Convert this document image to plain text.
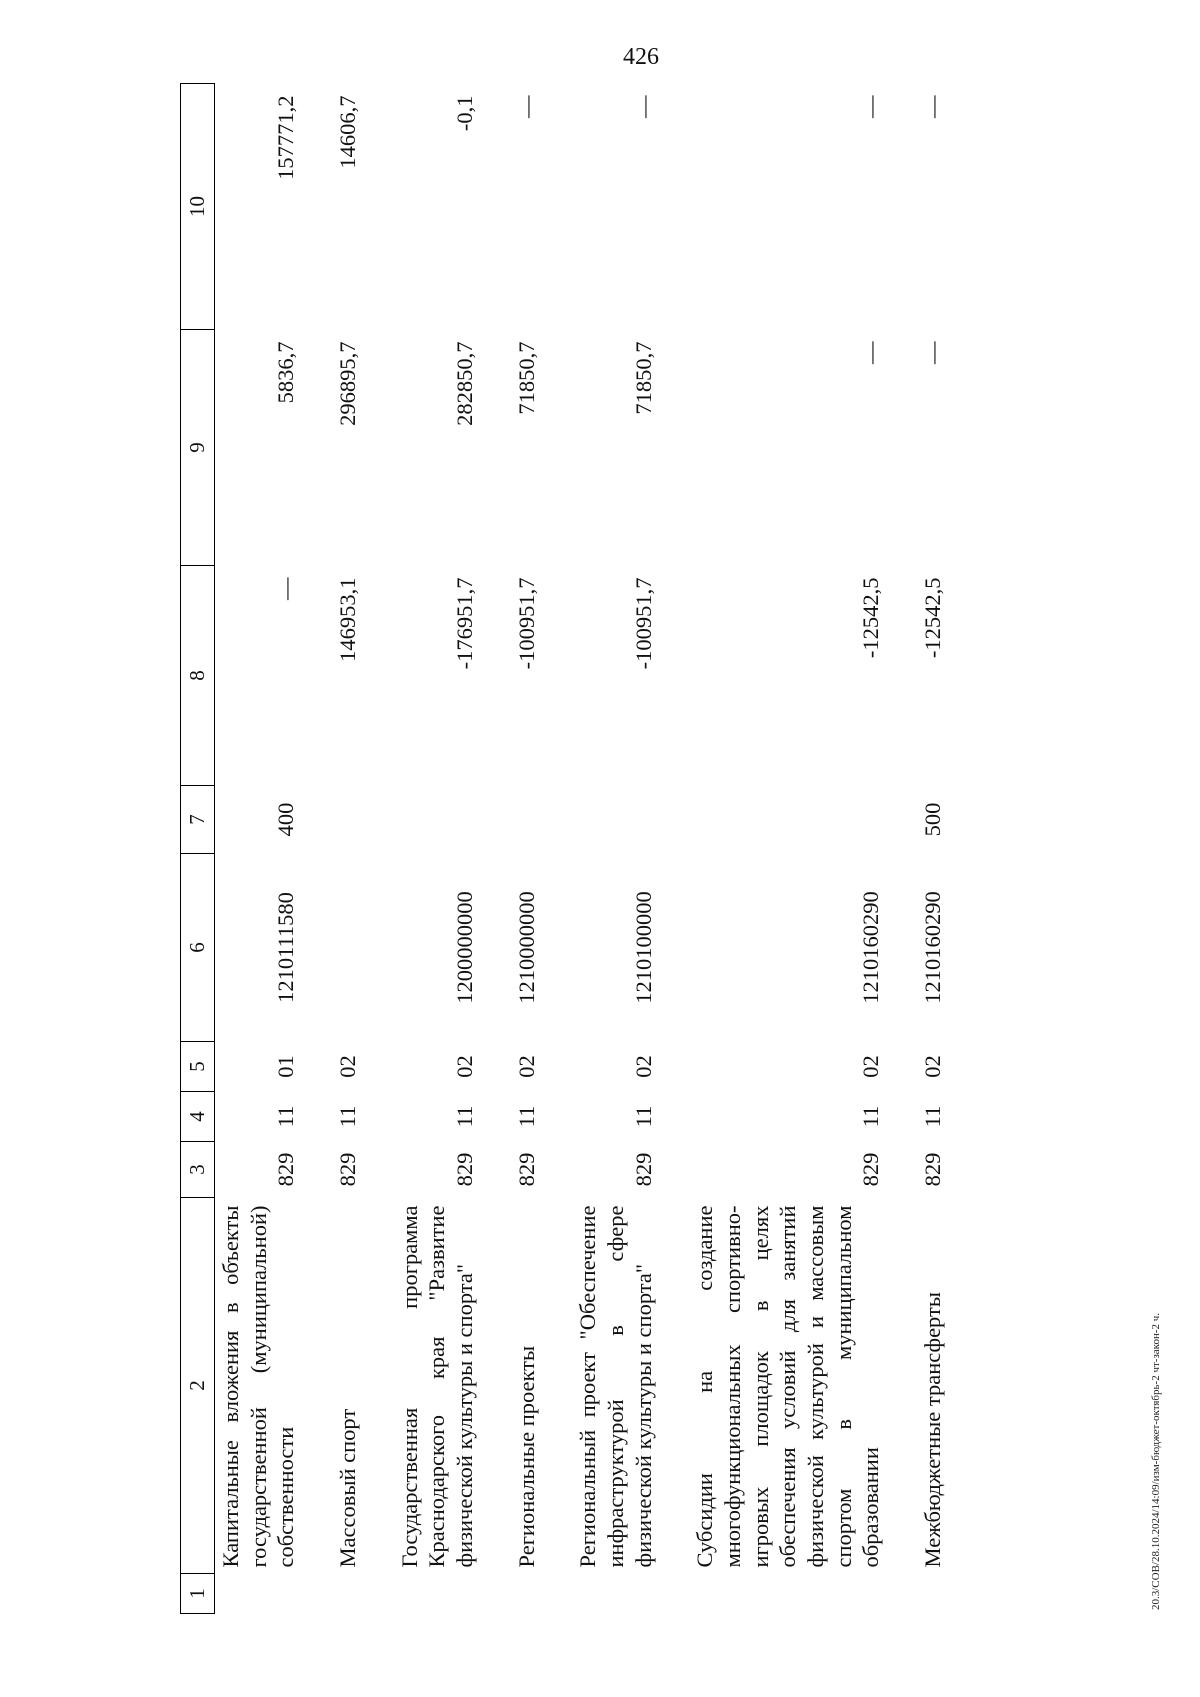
426
1	2	3	4	5	6	7	8	9	10
	Капитальные вложения в объекты государственной (муниципальной) собственности	829	11	01	1210111580	400	—	5836,7	157771,2
	Массовый спорт	829	11	02			146953,1	296895,7	14606,7
	Государственная программа Краснодарского края "Развитие физической культуры и спорта"	829	11	02	1200000000		-176951,7	282850,7	-0,1
	Региональные проекты	829	11	02	1210000000		-100951,7	71850,7	—
	Региональный проект "Обеспечение инфраструктурой в сфере физической культуры и спорта"	829	11	02	1210100000		-100951,7	71850,7	—
	Субсидии на создание многофункциональных спортивно-игровых площадок в целях обеспечения условий для занятий физической культурой и массовым спортом в муниципальном образовании	829	11	02	1210160290		-12542,5	—	—
	Межбюджетные трансферты	829	11	02	1210160290	500	-12542,5	—	—
20.3/СОВ/28.10.2024/14:09/изм-бюджет-октябрь-2 чт-закон-2 ч.
